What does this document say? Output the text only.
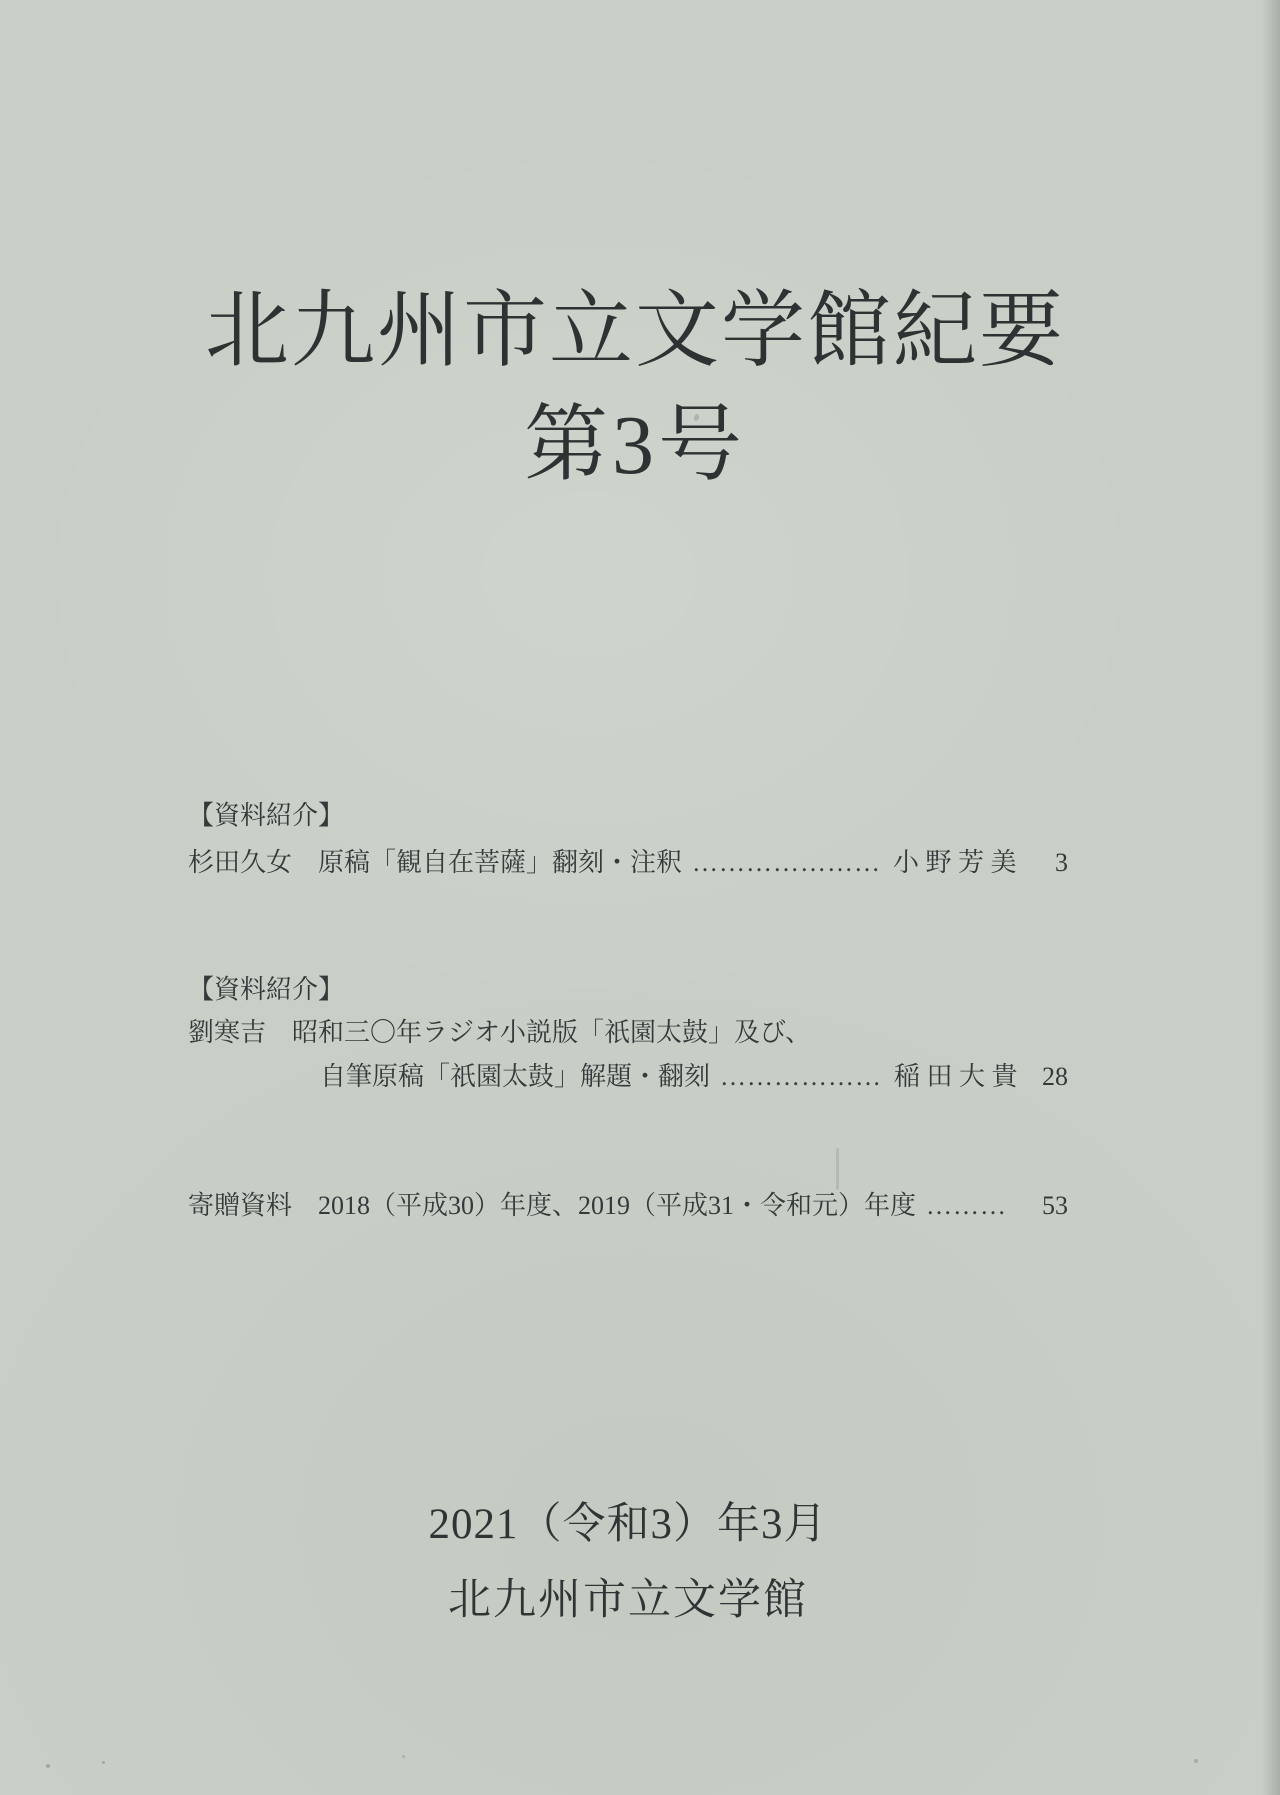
北九州市立文学館紀要
第3号
【資料紹介】
杉田久女　原稿「観自在菩薩」翻刻・注釈 ………………… 小 野 芳 美	3
【資料紹介】
劉寒吉　昭和三〇年ラジオ小説版「祇園太鼓」及び、
自筆原稿「祇園太鼓」解題・翻刻 ……………… 稲 田 大 貴 28
寄贈資料　2018（平成30）年度、2019（平成31・令和元）年度 ………	53
2021（令和3）年3月
北九州市立文学館
